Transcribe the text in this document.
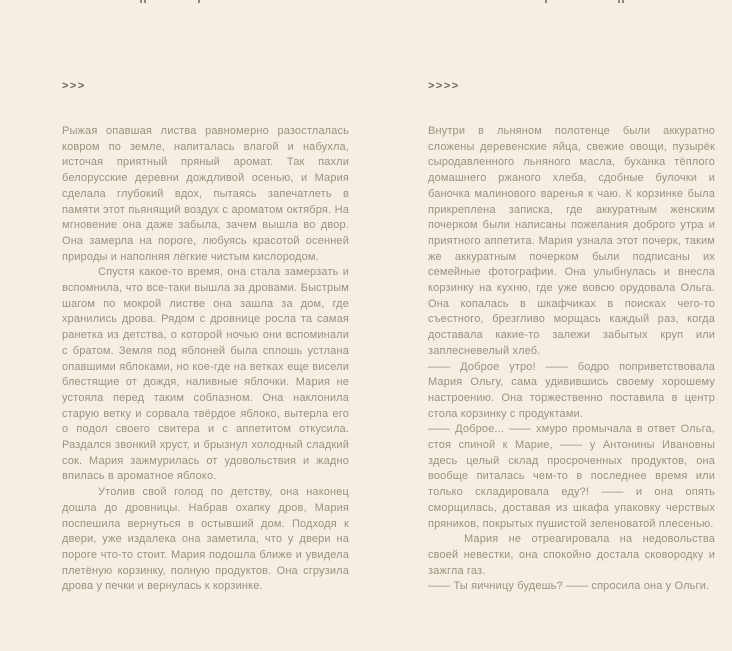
>>>

Рыжая опавшая листва равномерно разостлалась ковром по земле, напиталась влагой и набухла, источая приятный пряный аромат. Так пахли белорусские деревни дождливой осенью, и Мария сделала глубокий вдох, пытаясь запечатлеть в памяти этот пьянящий воздух с ароматом октября. На мгновение она даже забыла, зачем вышла во двор. Она замерла на пороге, любуясь красотой осенней природы и наполняя лёгкие чистым кислородом.

Спустя какое-то время, она стала замерзать и вспомнила, что все-таки вышла за дровами. Быстрым шагом по мокрой листве она зашла за дом, где хранились дрова. Рядом с дровнице росла та самая ранетка из детства, о которой ночью они вспоминали с братом. Земля под яблоней была сплошь устлана опавшими яблоками, но кое-где на ветках еще висели блестящие от дождя, наливные яблочки. Мария не устояла перед таким соблазном. Она наклонила старую ветку и сорвала твёрдое яблоко, вытерла его о подол своего свитера и с аппетитом откусила. Раздался звонкий хруст, и брызнул холодный сладкий сок. Мария зажмурилась от удовольствия и жадно впилась в ароматное яблоко.

Утолив свой голод по детству, она наконец дошла до дровницы. Набрав охапку дров, Мария поспешила вернуться в остывший дом. Подходя к двери, уже издалека она заметила, что у двери на пороге что-то стоит. Мария подошла ближе и увидела плетёную корзинку, полную продуктов. Она сгрузила дрова у печки и вернулась к корзинке.

>>>>

Внутри в льняном полотенце были аккуратно сложены деревенские яйца, свежие овощи, пузырёк сыродавленного льняного масла, буханка тёплого домашнего ржаного хлеба, сдобные булочки и баночка малинового варенья к чаю. К корзинке была прикреплена записка, где аккуратным женским почерком были написаны пожелания доброго утра и приятного аппетита. Мария узнала этот почерк, таким же аккуратным почерком были подписаны их семейные фотографии. Она улыбнулась и внесла корзинку на кухню, где уже вовсю орудовала Ольга. Она копалась в шкафчиках в поисках чего-то съестного, брезгливо морщась каждый раз, когда доставала какие-то залежи забытых круп или заплесневелый хлеб.

—— Доброе утро! —— бодро поприветствовала Мария Ольгу, сама удивившись своему хорошему настроению. Она торжественно поставила в центр стола корзинку с продуктами.

—— Доброе... —— хмуро промычала в ответ Ольга, стоя спиной к Марие, —— у Антонины Ивановны здесь целый склад просроченных продуктов, она вообще питалась чем-то в последнее время или только складировала еду?! —— и она опять сморщилась, доставая из шкафа упаковку черствых пряников, покрытых пушистой зеленоватой плесенью.

Мария не отреагировала на недовольства своей невестки, она спокойно достала сковородку и зажгла газ.

—— Ты яичницу будешь? —— спросила она у Ольги.
